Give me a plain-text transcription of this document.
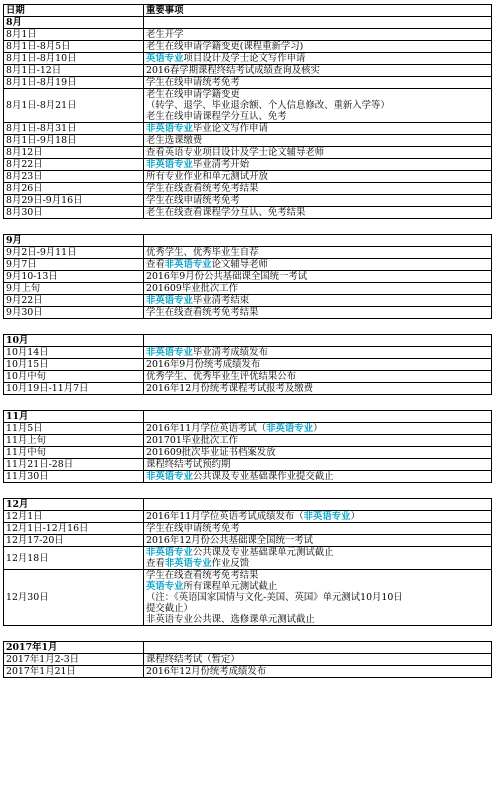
日期	重要事项
8月	
8月1日	老生开学

8月1日-8月5日	老生在线申请学籍变更(课程重新学习)

8月1日-8月10日	英语专业项目设计及学士论文写作申请

8月1日-12日	2016春学期课程终结考试成绩查询及核实

8月1日-8月19日	学生在线申请统考免考

8月1日-8月21日	老生在线申请学籍变更
（转学、退学、毕业退余额、个人信息修改、重新入学等）
老生在线申请课程学分互认、免考

8月1日-8月31日	非英语专业毕业论文写作申请

8月1日-9月18日	老生选课缴费

8月12日	查看英语专业项目设计及学士论文辅导老师

8月22日	非英语专业毕业清考开始

8月23日	所有专业作业和单元测试开放

8月26日	学生在线查看统考免考结果

8月29日-9月16日	学生在线申请统考免考

8月30日	老生在线查看课程学分互认、免考结果

9月	
9月2日-9月11日	优秀学生、优秀毕业生自荐

9月7日	查看非英语专业论文辅导老师

9月10-13日	2016年9月份公共基础课全国统一考试

9月上旬	201609毕业批次工作

9月22日	非英语专业毕业清考结束

9月30日	学生在线查看统考免考结果

10月	
10月14日	非英语专业毕业清考成绩发布

10月15日	2016年9月份统考成绩发布

10月中旬	优秀学生、优秀毕业生评优结果公布

10月19日-11月7日	2016年12月份统考课程考试报考及缴费

11月	
11月5日	2016年11月学位英语考试（非英语专业）

11月上旬	201701毕业批次工作

11月中旬	201609批次毕业证书档案发放

11月21日-28日	课程终结考试预约期

11月30日	非英语专业公共课及专业基础课作业提交截止

12月	
12月1日	2016年11月学位英语考试成绩发布（非英语专业）

12月1日-12月16日	学生在线申请统考免考

12月17-20日	2016年12月份公共基础课全国统一考试

12月18日	非英语专业公共课及专业基础课单元测试截止
查看非英语专业作业反馈

12月30日	学生在线查看统考免考结果
英语专业所有课程单元测试截止
（注：《英语国家国情与文化-美国、英国》单元测试10月10日
提交截止）
非英语专业公共课、选修课单元测试截止

2017年1月	
2017年1月2-3日	课程终结考试（暂定）

2017年1月21日	2016年12月份统考成绩发布
